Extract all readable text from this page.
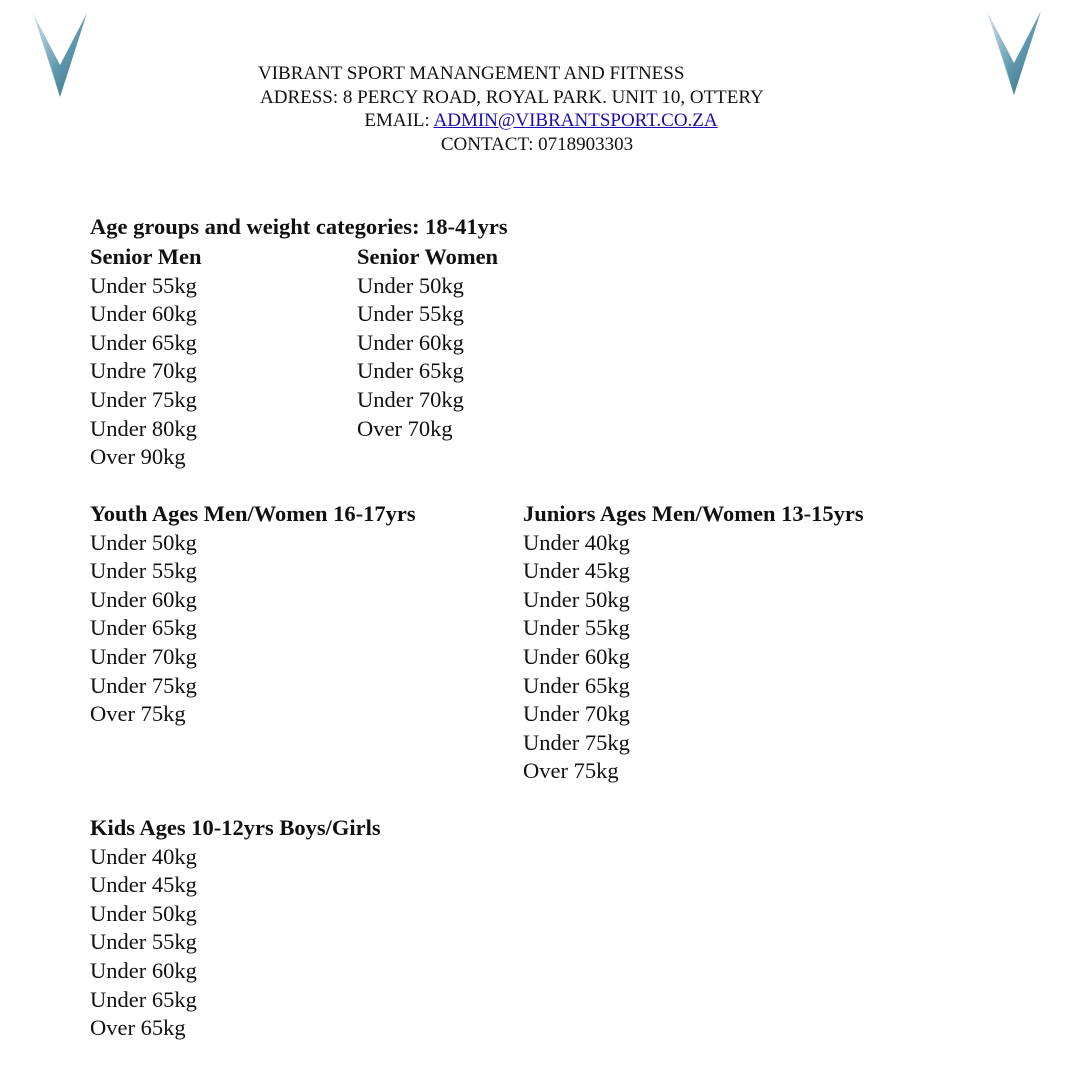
VIBRANT SPORT MANANGEMENT AND FITNESS
ADRESS: 8 PERCY ROAD, ROYAL PARK. UNIT 10, OTTERY
EMAIL: ADMIN@VIBRANTSPORT.CO.ZA
CONTACT: 0718903303
Age groups and weight categories: 18-41yrs
Senior Men
Under 55kg
Under 60kg
Under 65kg
Undre 70kg
Under 75kg
Under 80kg
Over 90kg
Senior Women
Under 50kg
Under 55kg
Under 60kg
Under 65kg
Under 70kg
Over 70kg
Youth Ages Men/Women 16-17yrs
Under 50kg
Under 55kg
Under 60kg
Under 65kg
Under 70kg
Under 75kg
Over 75kg
Juniors Ages Men/Women 13-15yrs
Under 40kg
Under 45kg
Under 50kg
Under 55kg
Under 60kg
Under 65kg
Under 70kg
Under 75kg
Over 75kg
Kids Ages 10-12yrs Boys/Girls
Under 40kg
Under 45kg
Under 50kg
Under 55kg
Under 60kg
Under 65kg
Over 65kg
